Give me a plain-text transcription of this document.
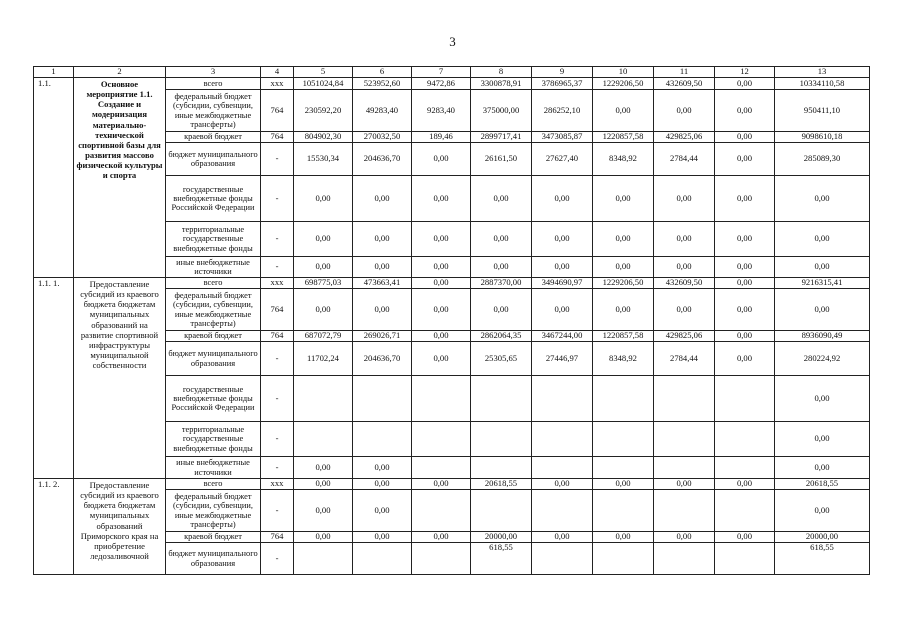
3
1	2	3	4	5	6	7	8	9	10	11	12	13
1.1.	Основное мероприятие 1.1. Создание и модернизация материально-технической спортивной базы для развития массово физической культуры и спорта	всего	ххх	1051024,84	523952,60	9472,86	3300878,91	3786965,37	1229206,50	432609,50	0,00	10334110,58
		федеральный бюджет (субсидии, субвенции, иные межбюджетные трансферты)	764	230592,20	49283,40	9283,40	375000,00	286252,10	0,00	0,00	0,00	950411,10
		краевой бюджет	764	804902,30	270032,50	189,46	2899717,41	3473085,87	1220857,58	429825,06	0,00	9098610,18
		бюджет муниципального образования	-	15530,34	204636,70	0,00	26161,50	27627,40	8348,92	2784,44	0,00	285089,30
		государственные внебюджетные фонды Российской Федерации	-	0,00	0,00	0,00	0,00	0,00	0,00	0,00	0,00	0,00
		территориальные государственные внебюджетные фонды	-	0,00	0,00	0,00	0,00	0,00	0,00	0,00	0,00	0,00
		иные внебюджетные источники	-	0,00	0,00	0,00	0,00	0,00	0,00	0,00	0,00	0,00
1.1. 1.	Предоставление субсидий из краевого бюджета бюджетам муниципальных образований на развитие спортивной инфраструктуры муниципальной собственности	всего	ххх	698775,03	473663,41	0,00	2887370,00	3494690,97	1229206,50	432609,50	0,00	9216315,41
		федеральный бюджет (субсидии, субвенции, иные межбюджетные трансферты)	764	0,00	0,00	0,00	0,00	0,00	0,00	0,00	0,00	0,00
		краевой бюджет	764	687072,79	269026,71	0,00	2862064,35	3467244,00	1220857,58	429825,06	0,00	8936090,49
		бюджет муниципального образования	-	11702,24	204636,70	0,00	25305,65	27446,97	8348,92	2784,44	0,00	280224,92
		государственные внебюджетные фонды Российской Федерации	-									0,00
		территориальные государственные внебюджетные фонды	-									0,00
		иные внебюджетные источники	-	0,00	0,00							0,00
1.1. 2.	Предоставление субсидий из краевого бюджета бюджетам муниципальных образований Приморского края на приобретение ледозаливочной	всего	ххх	0,00	0,00	0,00	20618,55	0,00	0,00	0,00	0,00	20618,55
		федеральный бюджет (субсидии, субвенции, иные межбюджетные трансферты)	-	0,00	0,00							0,00
		краевой бюджет	764	0,00	0,00	0,00	20000,00	0,00	0,00	0,00	0,00	20000,00
		бюджет муниципального образования	-				618,55					618,55
